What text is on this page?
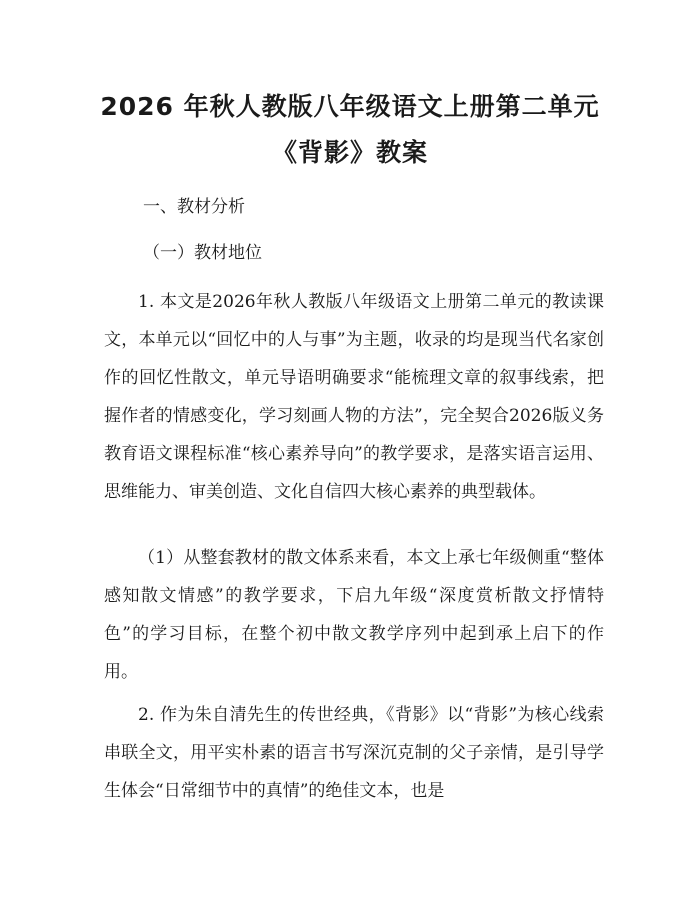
2026 年秋人教版八年级语文上册第二单元
《背影》教案
一、教材分析
（一）教材地位

1. 本文是2026年秋人教版八年级语文上册第二单元的教读课文，本单元以“回忆中的人与事”为主题，收录的均是现当代名家创作的回忆性散文，单元导语明确要求“能梳理文章的叙事线索，把握作者的情感变化，学习刻画人物的方法”，完全契合2026版义务教育语文课程标准“核心素养导向”的教学要求，是落实语言运用、思维能力、审美创造、文化自信四大核心素养的典型载体。

（1）从整套教材的散文体系来看，本文上承七年级侧重“整体感知散文情感”的教学要求，下启九年级“深度赏析散文抒情特色”的学习目标，在整个初中散文教学序列中起到承上启下的作用。

2. 作为朱自清先生的传世经典，《背影》以“背影”为核心线索串联全文，用平实朴素的语言书写深沉克制的父子亲情，是引导学生体会“日常细节中的真情”的绝佳文本，也是
